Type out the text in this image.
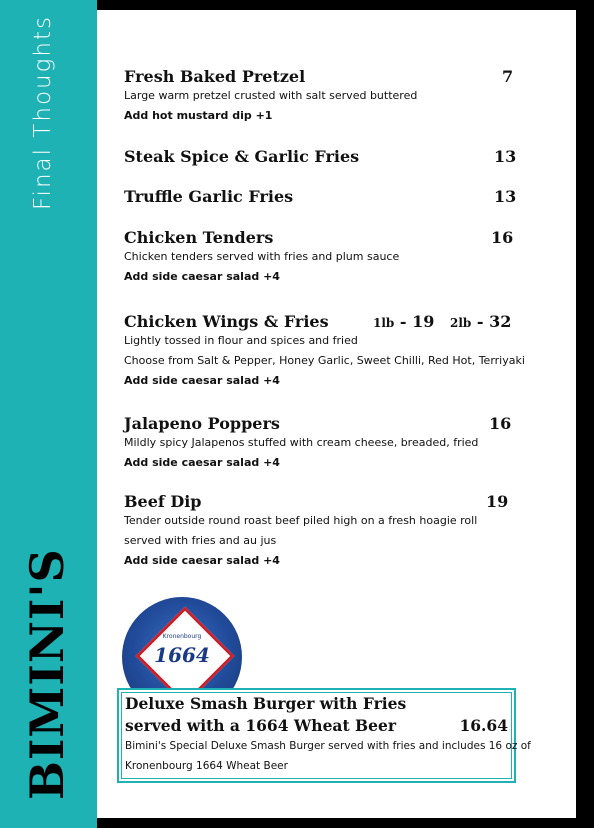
Final Thoughts
BIMINI'S
Fresh Baked Pretzel	7
Large warm pretzel crusted with salt served buttered
Add hot mustard dip +1
Steak Spice & Garlic Fries	13
Truffle Garlic Fries	13
Chicken Tenders	16
Chicken tenders served with fries and plum sauce
Add side caesar salad +4
Chicken Wings & Fries	1lb - 19 2lb - 32
Lightly tossed in flour and spices and fried
Choose from Salt & Pepper, Honey Garlic, Sweet Chilli, Red Hot, Terriyaki
Add side caesar salad +4
Jalapeno Poppers	16
Mildly spicy Jalapenos stuffed with cream cheese, breaded, fried
Add side caesar salad +4
Beef Dip	19
Tender outside round roast beef piled high on a fresh hoagie roll
served with fries and au jus
Add side caesar salad +4
Kronenbourg
1664
Deluxe Smash Burger with Fries
served with a 1664 Wheat Beer	16.64
Bimini's Special Deluxe Smash Burger served with fries and includes 16 oz of
Kronenbourg 1664 Wheat Beer
